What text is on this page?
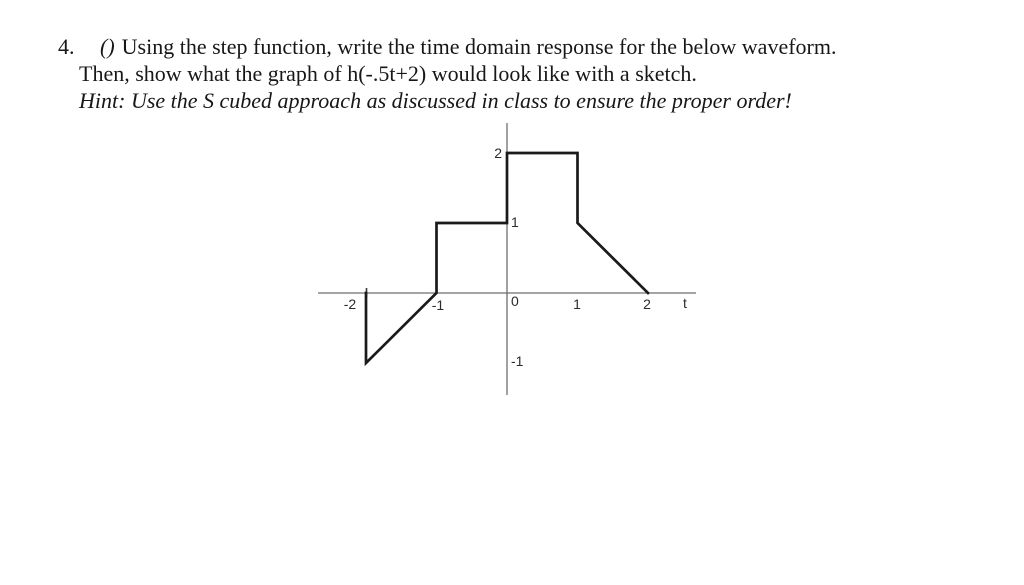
4. () Using the step function, write the time domain response for the below waveform.
Then, show what the graph of h(-.5t+2) would look like with a sketch.
Hint: Use the S cubed approach as discussed in class to ensure the proper order!
-2	-1	0	1	2 t
2
1
-1
